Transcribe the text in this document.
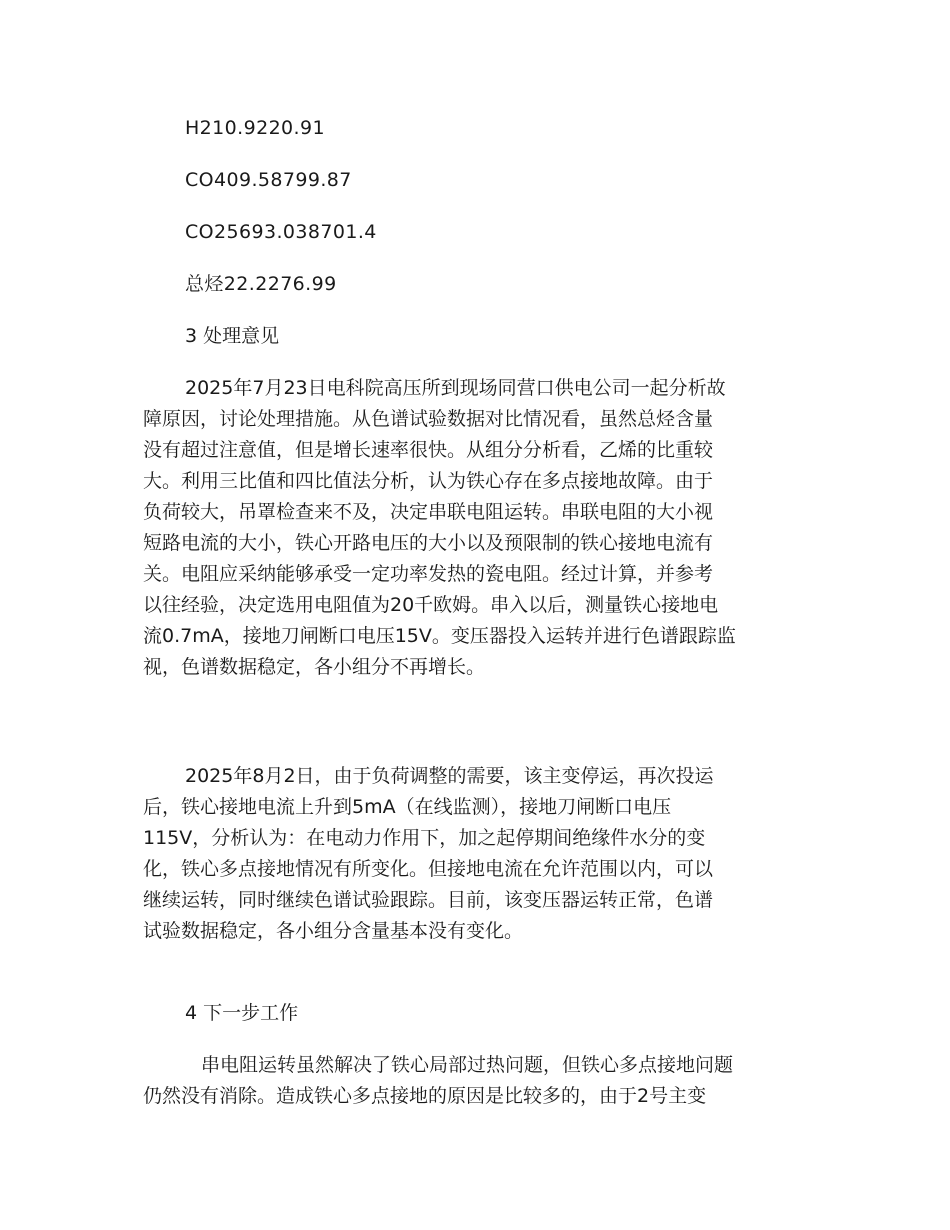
H210.9220.91
CO409.58799.87
CO25693.038701.4
总烃22.2276.99
3 处理意见
2025年7月23日电科院高压所到现场同营口供电公司一起分析故
障原因，讨论处理措施。从色谱试验数据对比情况看，虽然总烃含量
没有超过注意值，但是增长速率很快。从组分分析看，乙烯的比重较
大。利用三比值和四比值法分析，认为铁心存在多点接地故障。由于
负荷较大，吊罩检查来不及，决定串联电阻运转。串联电阻的大小视
短路电流的大小，铁心开路电压的大小以及预限制的铁心接地电流有
关。电阻应采纳能够承受一定功率发热的瓷电阻。经过计算，并参考
以往经验，决定选用电阻值为20千欧姆。串入以后，测量铁心接地电
流0.7mA，接地刀闸断口电压15V。变压器投入运转并进行色谱跟踪监
视，色谱数据稳定，各小组分不再增长。
2025年8月2日，由于负荷调整的需要，该主变停运，再次投运
后，铁心接地电流上升到5mA（在线监测），接地刀闸断口电压
115V，分析认为：在电动力作用下，加之起停期间绝缘件水分的变
化，铁心多点接地情况有所变化。但接地电流在允许范围以内，可以
继续运转，同时继续色谱试验跟踪。目前，该变压器运转正常，色谱
试验数据稳定，各小组分含量基本没有变化。
4 下一步工作
串电阻运转虽然解决了铁心局部过热问题，但铁心多点接地问题
仍然没有消除。造成铁心多点接地的原因是比较多的，由于2号主变
